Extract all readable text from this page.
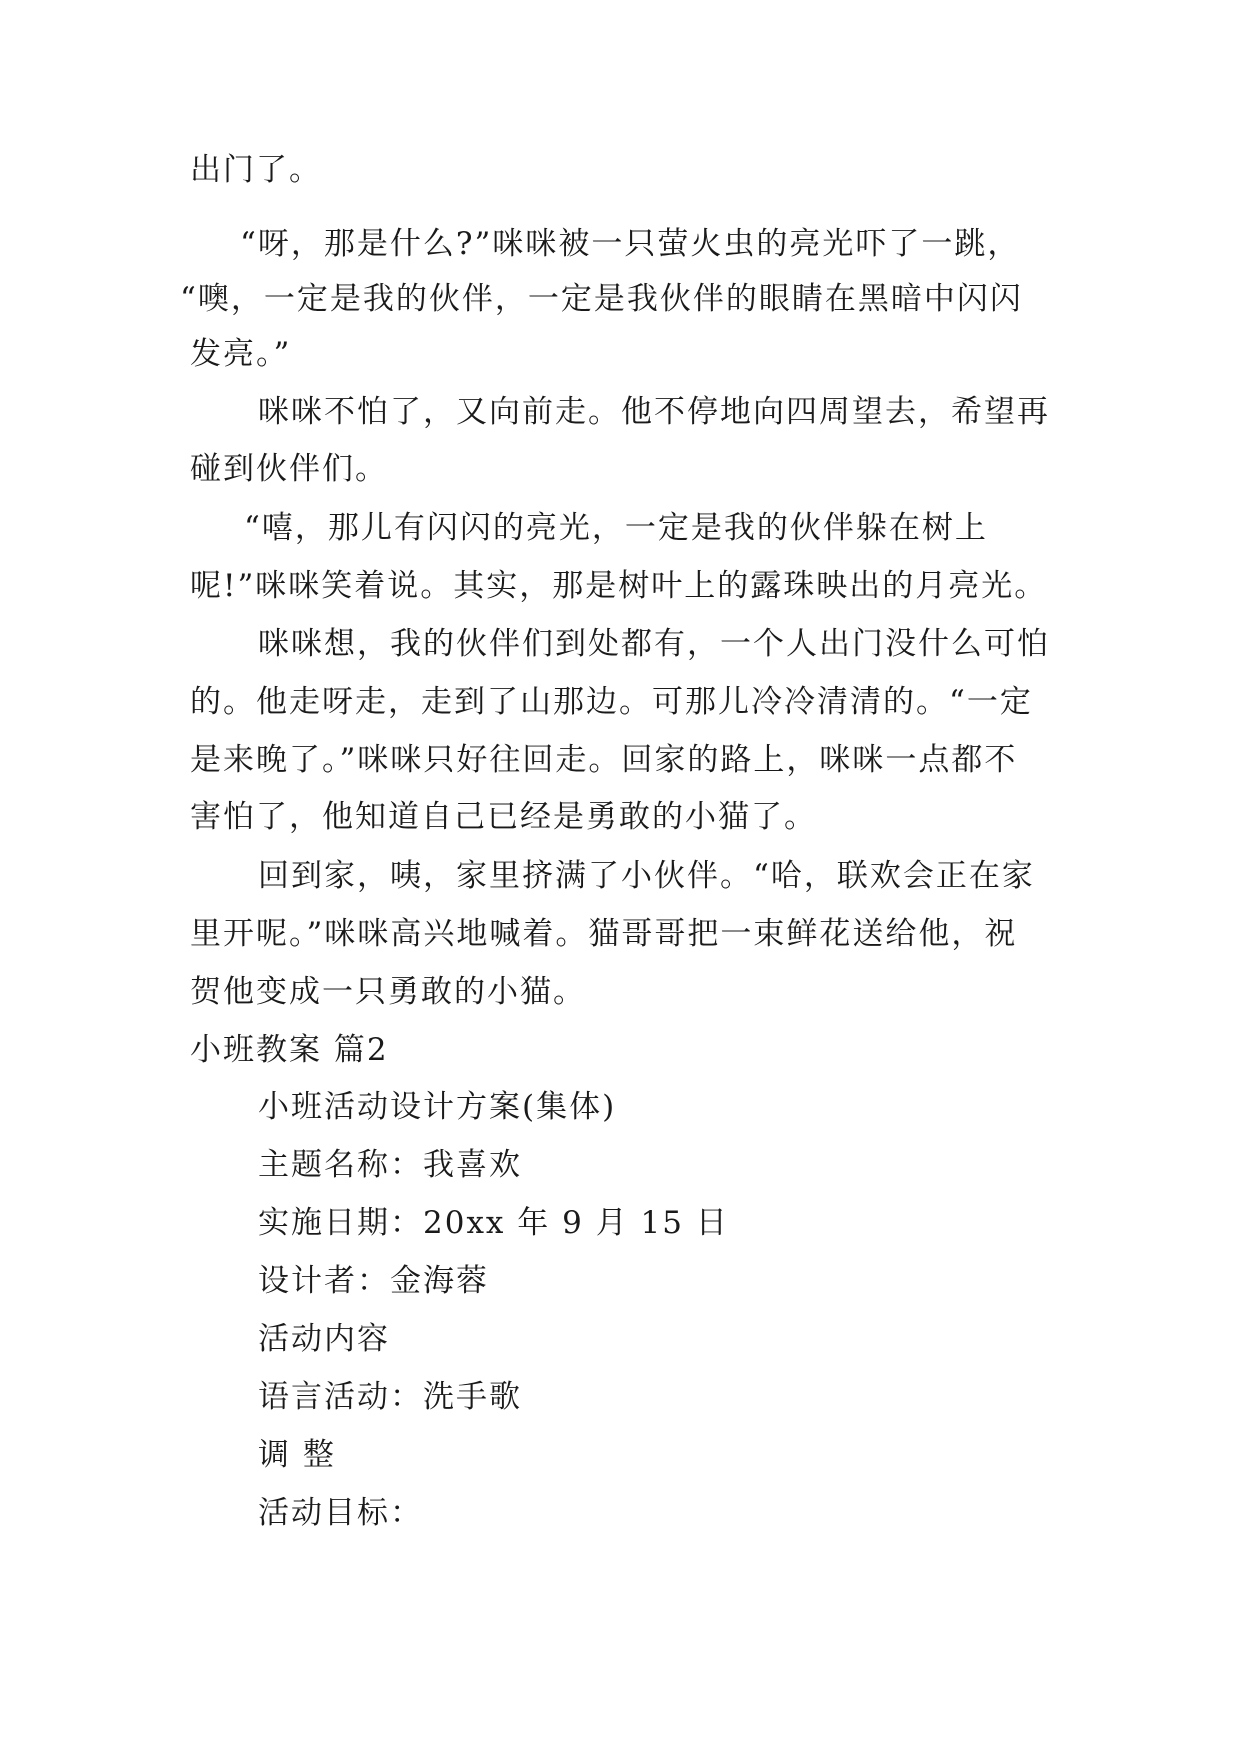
出门了。
“呀，那是什么?”咪咪被一只萤火虫的亮光吓了一跳，
“噢，一定是我的伙伴，一定是我伙伴的眼睛在黑暗中闪闪
发亮。”
咪咪不怕了，又向前走。他不停地向四周望去，希望再
碰到伙伴们。
“嘻，那儿有闪闪的亮光，一定是我的伙伴躲在树上
呢!”咪咪笑着说。其实，那是树叶上的露珠映出的月亮光。
咪咪想，我的伙伴们到处都有，一个人出门没什么可怕
的。他走呀走，走到了山那边。可那儿冷冷清清的。“一定
是来晚了。”咪咪只好往回走。回家的路上，咪咪一点都不
害怕了，他知道自己已经是勇敢的小猫了。
回到家，咦，家里挤满了小伙伴。“哈，联欢会正在家
里开呢。”咪咪高兴地喊着。猫哥哥把一束鲜花送给他，祝
贺他变成一只勇敢的小猫。
小班教案 篇2
小班活动设计方案(集体)
主题名称：我喜欢
实施日期：20xx 年 9 月 15 日
设计者：金海蓉
活动内容
语言活动：洗手歌
调 整
活动目标：
